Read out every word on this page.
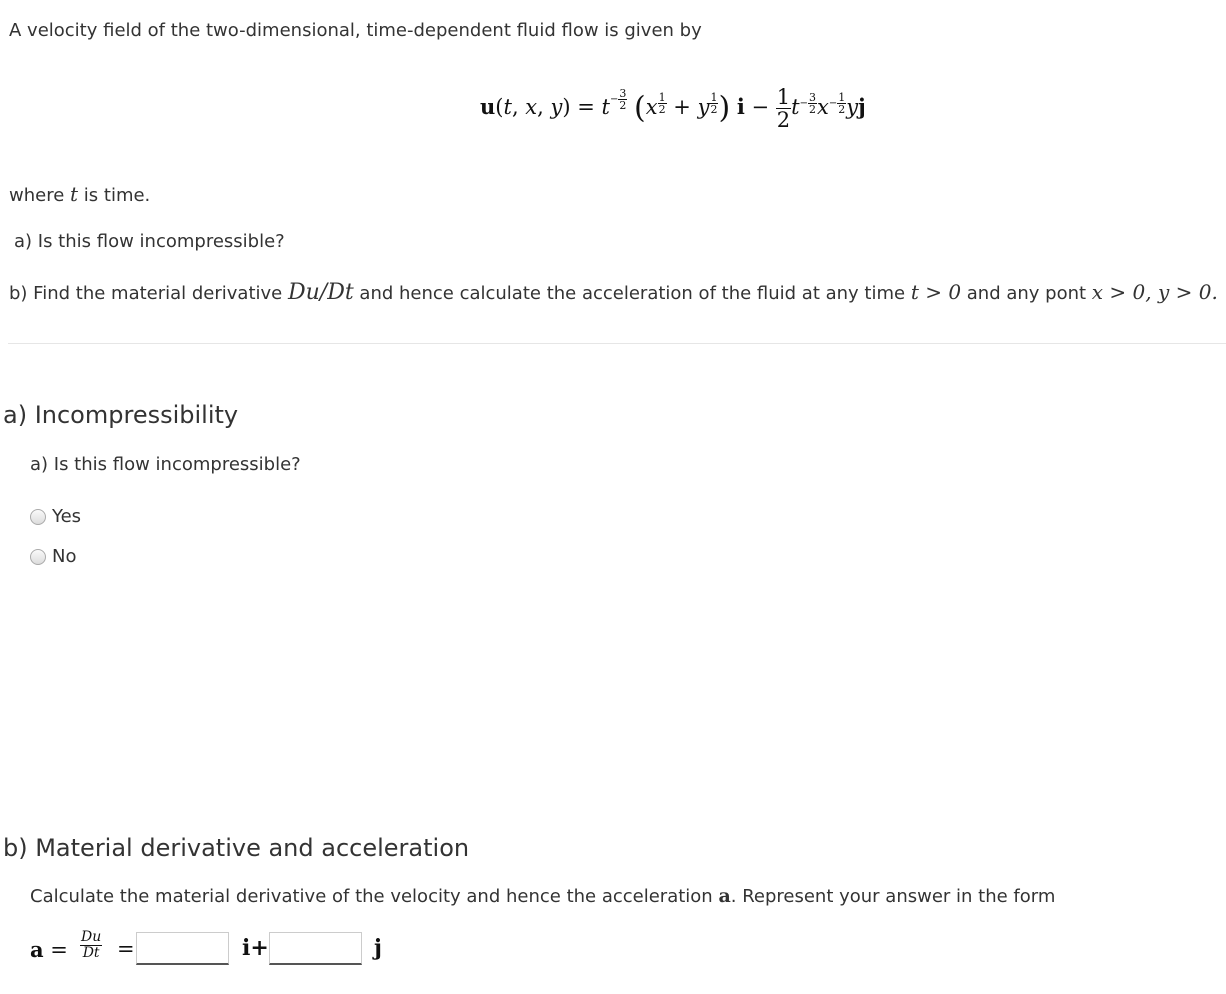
A velocity field of the two-dimensional, time-dependent fluid flow is given by
u(t, x, $y) = t^{- \frac{3}{2}}$ (x $^{\frac{1}{2}}$ + y $^{\frac{1}{2}}$ ) $i - \frac{1}{2} t^{- \frac{3}{2}}$ $x^{- \frac{1}{2}}$ yj
where t is time.
a) Is this flow incompressible?
b) Find the material derivative Du/Dt and hence calculate the acceleration of the fluid at any time t > 0 and any pont x > 0, y > 0.
a) Incompressibility
a) Is this flow incompressible?
Yes
No
b) Material derivative and acceleration
Calculate the material derivative of the velocity and hence the acceleration a. Represent your answer in the form
$a = \frac{Du}{Dt}$ =	i+	j
